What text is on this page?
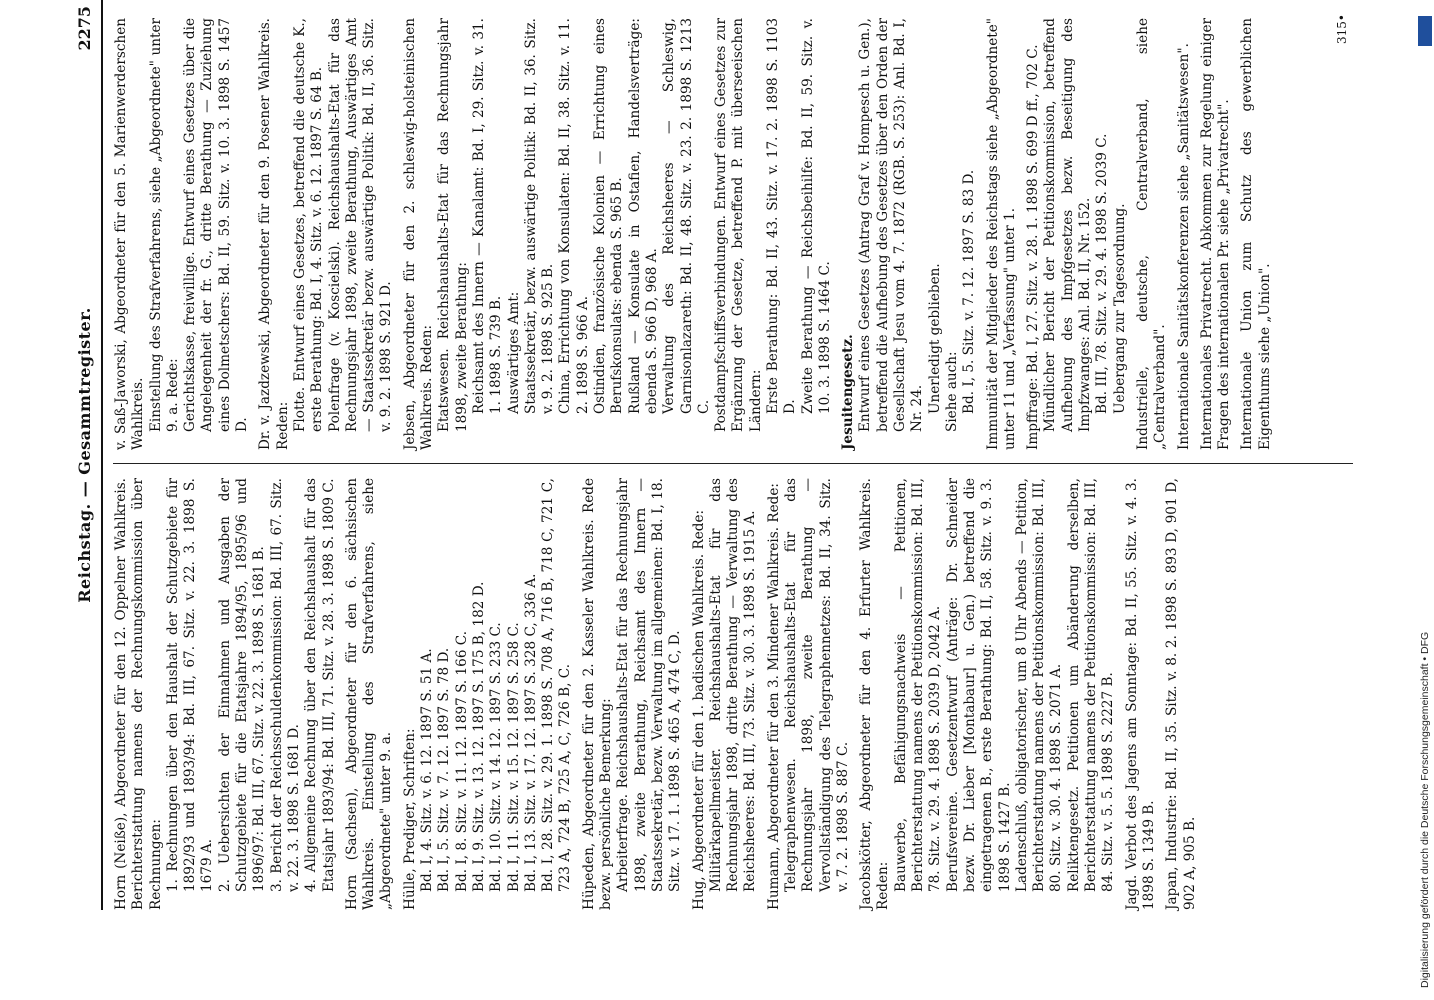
Reichstag. — Gesammtregister.
2275
Horn (Neiße), Abgeordneter für den 12. Oppelner Wahlkreis. Berichterstattung namens der Rechnungskommission über Rechnungen: 1. Rechnungen über den Haushalt der Schutzgebiete für 1892/93 und 1893/94: Bd. III, 67. Sitz. v. 22. 3. 1898 S. 1679 A. 2. Uebersichten der Einnahmen und Ausgaben der Schutzgebiete für die Etatsjahre 1894/95, 1895/96 und 1896/97: Bd. III, 67. Sitz. v. 22. 3. 1898 S. 1681 B. 3. Bericht der Reichsschuldenkommission: Bd. III, 67. Sitz. v. 22. 3. 1898 S. 1681 D. 4. Allgemeine Rechnung über den Reichshaushalt für das Etatsjahr 1893/94: Bd. III, 71. Sitz. v. 28. 3. 1898 S. 1809 C. Horn (Sachsen), Abgeordneter für den 6. sächsischen Wahlkreis. Einstellung des Strafverfahrens, siehe „Abgeordnete" unter 9. a. Hülle, Prediger, Schriften: Bd. I, 4. Sitz. v. 6. 12. 1897 S. 51 A. Bd. I, 5. Sitz. v. 7. 12. 1897 S. 78 D. Bd. I, 8. Sitz. v. 11. 12. 1897 S. 166 C. Bd. I, 9. Sitz. v. 13. 12. 1897 S. 175 B, 182 D. Bd. I, 10. Sitz. v. 14. 12. 1897 S. 233 C. Bd. I, 11. Sitz. v. 15. 12. 1897 S. 258 C. Bd. I, 13. Sitz. v. 17. 12. 1897 S. 328 C, 336 A. Bd. I, 28. Sitz. v. 29. 1. 1898 S. 708 A, 716 B, 718 C, 721 C, 723 A, 724 B, 725 A, C, 726 B, C. Hüpeden, Abgeordneter für den 2. Kasseler Wahlkreis. Rede bezw. persönliche Bemerkung: Arbeiterfrage. Reichshaushalts-Etat für das Rechnungsjahr 1898, zweite Berathung, Reichsamt des Innern — Staatssekretär, bezw. Verwaltung im allgemeinen: Bd. I, 18. Sitz. v. 17. 1. 1898 S. 465 A, 474 C, D. Hug, Abgeordneter für den 1. badischen Wahlkreis. Rede: Militärkapellmeister. Reichshaushalts-Etat für das Rechnungsjahr 1898, dritte Berathung — Verwaltung des Reichsheeres: Bd. III, 73. Sitz. v. 30. 3. 1898 S. 1915 A. Humann, Abgeordneter für den 3. Mindener Wahlkreis. Rede: Telegraphenwesen. Reichshaushalts-Etat für das Rechnungsjahr 1898, zweite Berathung — Vervollständigung des Telegraphennetzes: Bd. II, 34. Sitz. v. 7. 2. 1898 S. 887 C. Jacobskötter, Abgeordneter für den 4. Erfurter Wahlkreis. Reden: Bauwerbe, Befähigungsnachweis — Petitionen, Berichterstattung namens der Petitionskommission: Bd. III, 78. Sitz. v. 29. 4. 1898 S. 2039 D, 2042 A. Berufsvereine. Gesetzentwurf (Anträge: Dr. Schneider bezw. Dr. Lieber [Montabaur] u. Gen.) betreffend die eingetragenen B., erste Berathung: Bd. II, 58. Sitz. v. 9. 3. 1898 S. 1427 B. Ladenschluß, obligatorischer, um 8 Uhr Abends — Petition, Berichterstattung namens der Petitionskommission: Bd. III, 80. Sitz. v. 30. 4. 1898 S. 2071 A. Reliktengesetz. Petitionen um Abänderung derselben, Berichterstattung namens der Petitionskommission: Bd. III, 84. Sitz. v. 5. 5. 1898 S. 2227 B. Jagd. Verbot des Jagens am Sonntage: Bd. II, 55. Sitz. v. 4. 3. 1898 S. 1349 B. Japan, Industrie: Bd. II, 35. Sitz. v. 8. 2. 1898 S. 893 D, 901 D, 902 A, 905 B.
v. Saß-Jaworski, Abgeordneter für den 5. Marienwerderschen Wahlkreis. Einstellung des Strafverfahrens, siehe „Abgeordnete" unter 9. a. Rede: Gerichtskasse, freiwillige. Entwurf eines Gesetzes über die Angelegenheit der fr. G., dritte Berathung — Zuziehung eines Dolmetschers: Bd. II, 59. Sitz. v. 10. 3. 1898 S. 1457 D. Dr. v. Jazdzewski, Abgeordneter für den 9. Posener Wahlkreis. Reden: Flotte. Entwurf eines Gesetzes, betreffend die deutsche K., erste Berathung: Bd. I, 4. Sitz. v. 6. 12. 1897 S. 64 B. Polenfrage (v. Koscielski). Reichshaushalts-Etat für das Rechnungsjahr 1898, zweite Berathung, Auswärtiges Amt — Staatssekretär bezw. auswärtige Politik: Bd. II, 36. Sitz. v. 9. 2. 1898 S. 921 D. Jebsen, Abgeordneter für den 2. schleswig-holsteinischen Wahlkreis. Reden: Etatswesen. Reichshaushalts-Etat für das Rechnungsjahr 1898, zweite Berathung: Reichsamt des Innern — Kanalamt: Bd. I, 29. Sitz. v. 31. 1. 1898 S. 739 B. Auswärtiges Amt: Staatssekretär, bezw. auswärtige Politik: Bd. II, 36. Sitz. v. 9. 2. 1898 S. 925 B. China, Errichtung von Konsulaten: Bd. II, 38. Sitz. v. 11. 2. 1898 S. 966 A. Ostindien, französische Kolonien — Errichtung eines Berufskonsulats: ebenda S. 965 B. Rußland — Konsulate in Ostafien, Handelsverträge: ebenda S. 966 D, 968 A. Verwaltung des Reichsheeres — Schleswig, Garnisonlazareth: Bd. II, 48. Sitz. v. 23. 2. 1898 S. 1213 C. Postdampfschiffsverbindungen. Entwurf eines Gesetzes zur Ergänzung der Gesetze, betreffend P. mit überseeischen Ländern: Erste Berathung: Bd. II, 43. Sitz. v. 17. 2. 1898 S. 1103 D. Zweite Berathung — Reichsbeihilfe: Bd. II, 59. Sitz. v. 10. 3. 1898 S. 1464 C. Jesuitengesetz. Entwurf eines Gesetzes (Antrag Graf v. Hompesch u. Gen.), betreffend die Aufhebung des Gesetzes über den Orden der Gesellschaft Jesu vom 4. 7. 1872 (RGB. S. 253): Anl. Bd. I, Nr. 24. Unerledigt geblieben. Siehe auch: Bd. I, 5. Sitz. v. 7. 12. 1897 S. 83 D. Immunität der Mitglieder des Reichstags siehe „Abgeordnete" unter 11 und „Verfassung" unter 1. Impffrage: Bd. I, 27. Sitz. v. 28. 1. 1898 S. 699 D ff., 702 C. Mündlicher Bericht der Petitionskommission, betreffend Aufhebung des Impfgesetzes bezw. Beseitigung des Impfzwanges: Anl. Bd. II, Nr. 152. Bd. III, 78. Sitz. v. 29. 4. 1898 S. 2039 C. Uebergang zur Tagesordnung. Industrielle, deutsche, Centralverband, siehe „Centralverband". Internationale Sanitätskonferenzen siehe „Sanitätswesen". Internationales Privatrecht. Abkommen zur Regelung einiger Fragen des internationalen Pr. siehe „Privatrecht". Internationale Union zum Schutz des gewerblichen Eigenthums siehe „Union".
315•
Digitalisierung gefördert durch die Deutsche Forschungsgemeinschaft • DFG
